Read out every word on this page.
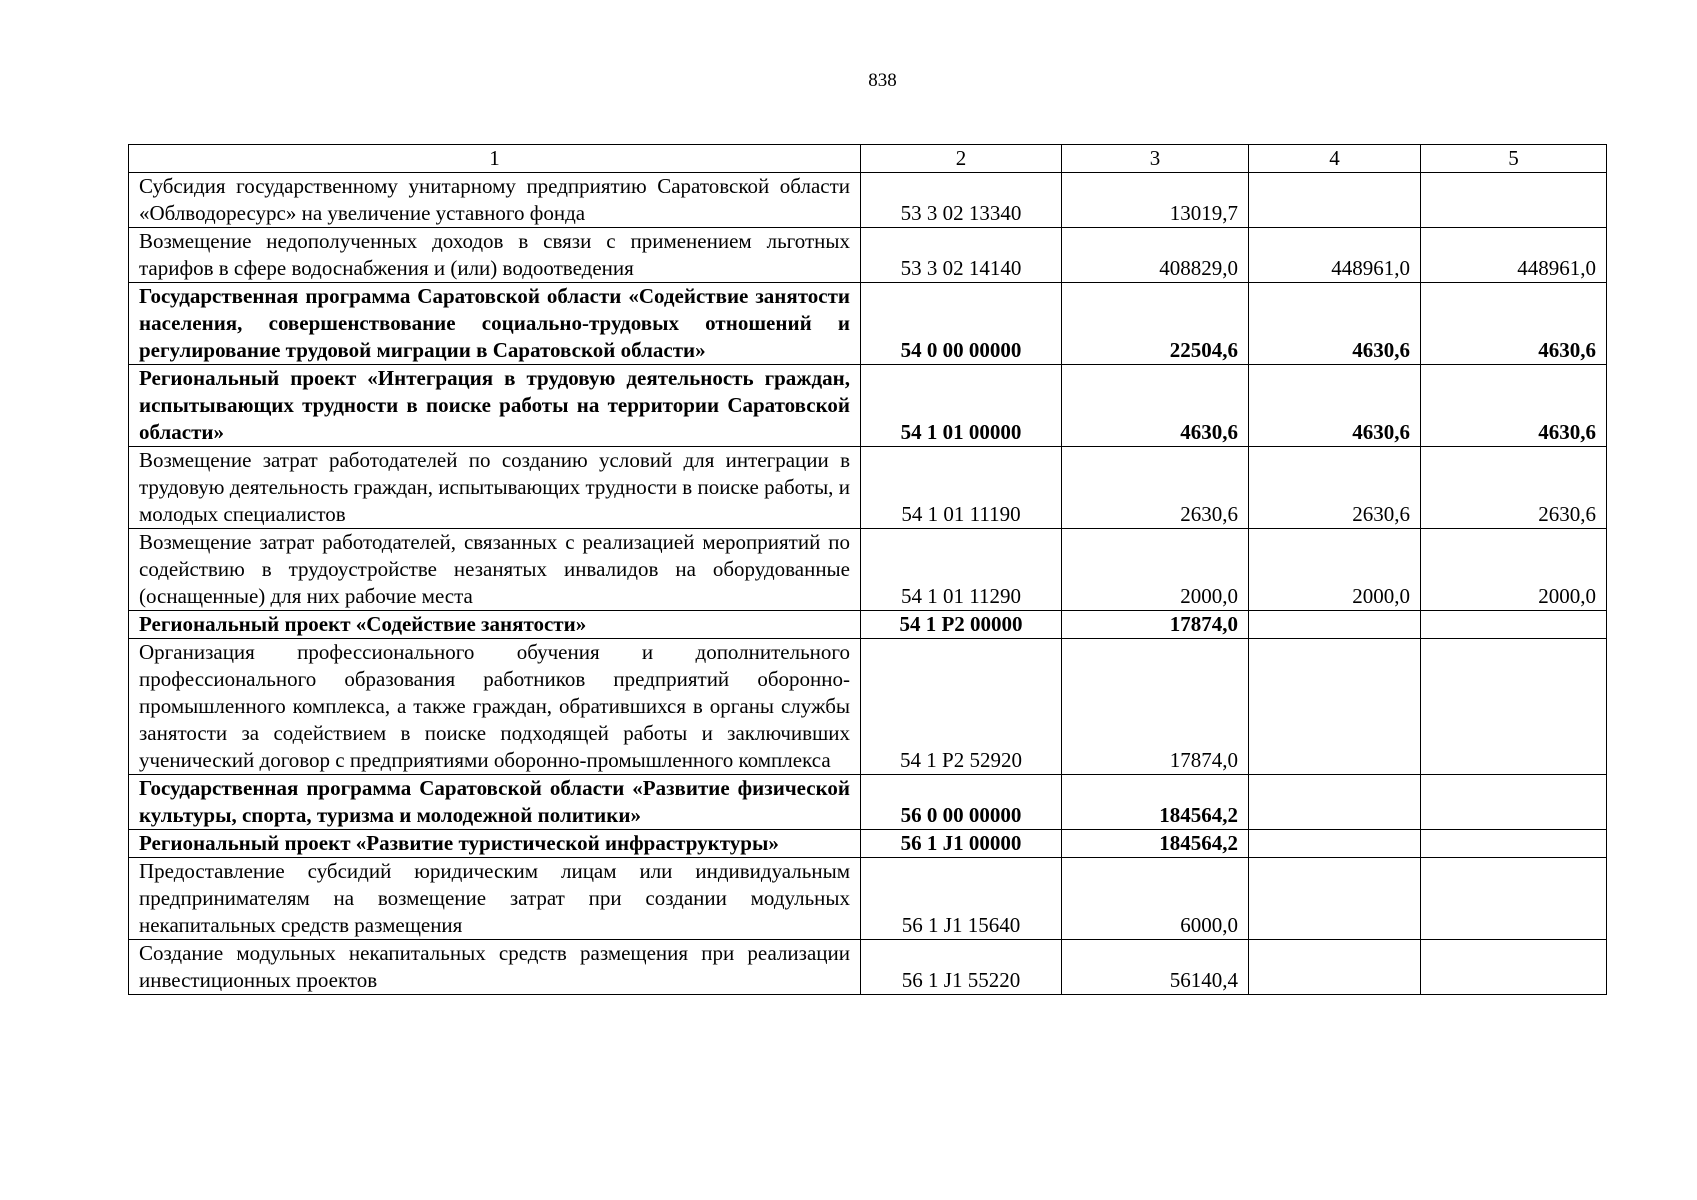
838
1	2	3	4	5
Субсидия государственному унитарному предприятию Саратовской области «Облводоресурс» на увеличение уставного фонда	53 3 02 13340	13019,7		
Возмещение недополученных доходов в связи с применением льготных тарифов в сфере водоснабжения и (или) водоотведения	53 3 02 14140	408829,0	448961,0	448961,0
Государственная программа Саратовской области «Содействие занятости населения, совершенствование социально-трудовых отношений и регулирование трудовой миграции в Саратовской области»	54 0 00 00000	22504,6	4630,6	4630,6
Региональный проект «Интеграция в трудовую деятельность граждан, испытывающих трудности в поиске работы на территории Саратовской области»	54 1 01 00000	4630,6	4630,6	4630,6
Возмещение затрат работодателей по созданию условий для интеграции в трудовую деятельность граждан, испытывающих трудности в поиске работы, и молодых специалистов	54 1 01 11190	2630,6	2630,6	2630,6
Возмещение затрат работодателей, связанных с реализацией мероприятий по содействию в трудоустройстве незанятых инвалидов на оборудованные (оснащенные) для них рабочие места	54 1 01 11290	2000,0	2000,0	2000,0
Региональный проект «Содействие занятости»	54 1 P2 00000	17874,0		
Организация профессионального обучения и дополнительного профессионального образования работников предприятий оборонно-промышленного комплекса, а также граждан, обратившихся в органы службы занятости за содействием в поиске подходящей работы и заключивших ученический договор с предприятиями оборонно-промышленного комплекса	54 1 P2 52920	17874,0		
Государственная программа Саратовской области «Развитие физической культуры, спорта, туризма и молодежной политики»	56 0 00 00000	184564,2		
Региональный проект «Развитие туристической инфраструктуры»	56 1 J1 00000	184564,2		
Предоставление субсидий юридическим лицам или индивидуальным предпринимателям на возмещение затрат при создании модульных некапитальных средств размещения	56 1 J1 15640	6000,0		
Создание модульных некапитальных средств размещения при реализации инвестиционных проектов	56 1 J1 55220	56140,4		
